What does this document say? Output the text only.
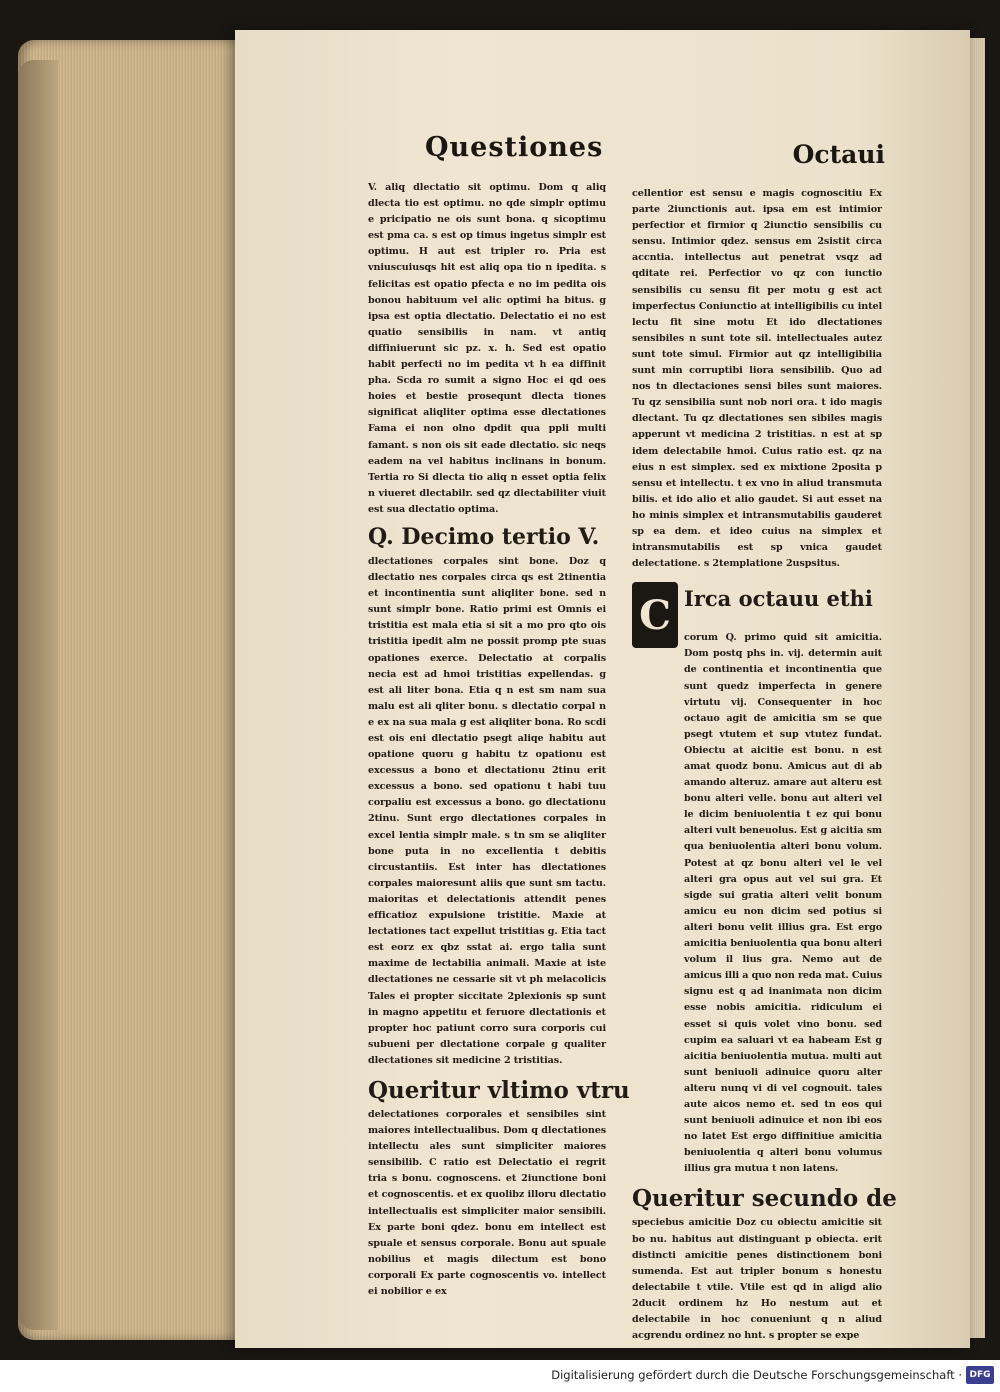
Questiones	Octaui

V. aliq dlectatio sit optimu. Dom q aliq dlecta tio est optimu. no qde simplr optimu e pricipatio ne ois sunt bona. q sicoptimu est pma ca. s est op timus ingetus simplr est optimu. H aut est tripler ro. Pria est vniuscuiusqs hit est aliq opa tio n ipedita. s felicitas est opatio pfecta e no im pedita ois bonou habituum vel alic optimi ha bitus. g ipsa est optia dlectatio. Delectatio ei no est quatio sensibilis in nam. vt antiq diffiniuerunt sic pz. x. h. Sed est opatio habit perfecti no im pedita vt h ea diffinit pha. Scda ro sumit a signo Hoc ei qd oes hoies et bestie prosequnt dlecta tiones significat aliqliter optima esse dlectationes Fama ei non olno dpdit qua ppli multi famant. s non ois sit eade dlectatio. sic neqs eadem na vel habitus inclinans in bonum. Tertia ro Si dlecta tio aliq n esset optia felix n viueret dlectabilr. sed qz dlectabiliter viuit est sua dlectatio optima.

Q. Decimo tertio V.

dlectationes corpales sint bone. Doz q dlectatio nes corpales circa qs est 2tinentia et incontinentia sunt aliqliter bone. sed n sunt simplr bone. Ratio primi est Omnis ei tristitia est mala etia si sit a mo pro qto ois tristitia ipedit alm ne possit promp pte suas opationes exerce. Delectatio at corpalis necia est ad hmoi tristitias expellendas. g est ali liter bona. Etia q n est sm nam sua malu est ali qliter bonu. s dlectatio corpal n e ex na sua mala g est aliqliter bona. Ro scdi est ois eni dlectatio psegt aliqe habitu aut opatione quoru g habitu tz opationu est excessus a bono et dlectationu 2tinu erit excessus a bono. sed opationu t habi tuu corpaliu est excessus a bono. go dlectationu 2tinu. Sunt ergo dlectationes corpales in excel lentia simplr male. s tn sm se aliqliter bone puta in no excellentia t debitis circustantiis. Est inter has dlectationes corpales maioresunt aliis que sunt sm tactu. maioritas et delectationis attendit penes efficatioz expulsione tristitie. Maxie at lectationes tact expellut tristitias g. Etia tact est eorz ex qbz sstat ai. ergo talia sunt maxime de lectabilia animali. Maxie at iste dlectationes ne cessarie sit vt ph melacolicis Tales ei propter siccitate 2plexionis sp sunt in magno appetitu et feruore dlectationis et propter hoc patiunt corro sura corporis cui subueni per dlectatione corpale g qualiter dlectationes sit medicine 2 tristitias.

Queritur vltimo vtru

delectationes corporales et sensibiles sint maiores intellectualibus. Dom q dlectationes intellectu ales sunt simpliciter maiores sensibilib. C ratio est Delectatio ei regrit tria s bonu. cognoscens. et 2iunctione boni et cognoscentis. et ex quolibz illoru dlectatio intellectualis est simpliciter maior sensibili. Ex parte boni qdez. bonu em intellect est spuale et sensus corporale. Bonu aut spuale nobilius et magis dilectum est bono corporali Ex parte cognoscentis vo. intellect ei nobilior e ex

cellentior est sensu e magis cognoscitiu Ex parte 2iunctionis aut. ipsa em est intimior perfectior et firmior q 2iunctio sensibilis cu sensu. Intimior qdez. sensus em 2sistit circa accntia. intellectus aut penetrat vsqz ad qditate rei. Perfectior vo qz con iunctio sensibilis cu sensu fit per motu g est act imperfectus Coniunctio at intelligibilis cu intel lectu fit sine motu Et ido dlectationes sensibiles n sunt tote sil. intellectuales autez sunt tote simul. Firmior aut qz intelligibilia sunt min corruptibi liora sensibilib. Quo ad nos tn dlectaciones sensi biles sunt maiores. Tu qz sensibilia sunt nob nori ora. t ido magis dlectant. Tu qz dlectationes sen sibiles magis apperunt vt medicina 2 tristitias. n est at sp idem delectabile hmoi. Cuius ratio est. qz na eius n est simplex. sed ex mixtione 2posita p sensu et intellectu. t ex vno in aliud transmuta bilis. et ido alio et alio gaudet. Si aut esset na ho minis simplex et intransmutabilis gauderet sp ea dem. et ideo cuius na simplex et intransmutabilis est sp vnica gaudet delectatione. s 2templatione 2uspsitus.

C Irca octauu ethi

corum Q. primo quid sit amicitia. Dom postq phs in. vij. determin auit de continentia et incontinentia que sunt quedz imperfecta in genere virtutu vij. Consequenter in hoc octauo agit de amicitia sm se que psegt vtutem et sup vtutez fundat. Obiectu at aicitie est bonu. n est amat quodz bonu. Amicus aut di ab amando alteruz. amare aut alteru est bonu alteri velle. bonu aut alteri vel le dicim beniuolentia t ez qui bonu alteri vult beneuolus. Est g aicitia sm qua beniuolentia alteri bonu volum. Potest at qz bonu alteri vel le vel alteri gra opus aut vel sui gra. Et sigde sui gratia alteri velit bonum amicu eu non dicim sed potius si alteri bonu velit illius gra. Est ergo amicitia beniuolentia qua bonu alteri volum il lius gra. Nemo aut de amicus illi a quo non reda mat. Cuius signu est q ad inanimata non dicim esse nobis amicitia. ridiculum ei esset si quis volet vino bonu. sed cupim ea saluari vt ea habeam Est g aicitia beniuolentia mutua. multi aut sunt beniuoli adinuice quoru alter alteru nunq vi di vel cognouit. tales aute aicos nemo et. sed tn eos qui sunt beniuoli adinuice et non ibi eos no latet Est ergo diffinitiue amicitia beniuolentia q alteri bonu volumus illius gra mutua t non latens.

Queritur secundo de

speciebus amicitie Doz cu obiectu amicitie sit bo nu. habitus aut distinguant p obiecta. erit distincti amicitie penes distinctionem boni sumenda. Est aut tripler bonum s honestu delectabile t vtile. Vtile est qd in aligd alio 2ducit ordinem hz Ho nestum aut et delectabile in hoc conueniunt q n aliud acgrendu ordinez no hnt. s propter se expe

Digitalisierung gefördert durch die Deutsche Forschungsgemeinschaft · DFG
